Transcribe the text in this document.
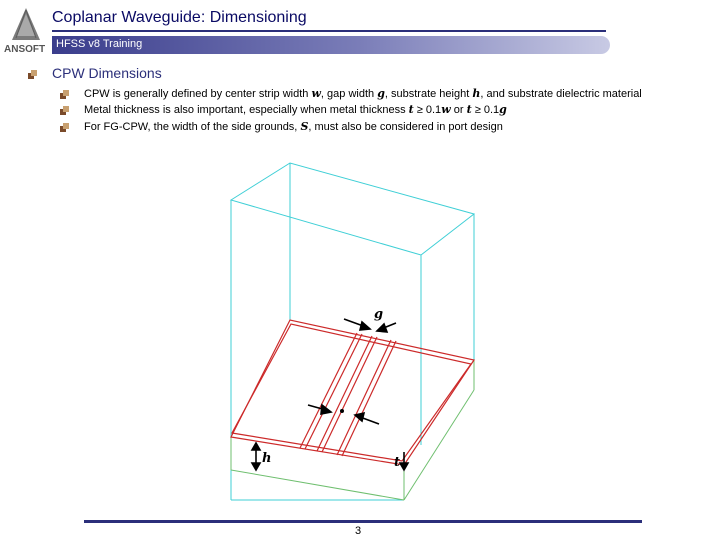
ANSOFT
Coplanar Waveguide: Dimensioning
HFSS v8 Training
CPW Dimensions
CPW is generally defined by center strip width w, gap width g, substrate height h, and substrate dielectric material
Metal thickness is also important, especially when metal thickness t ≥ 0.1w or t ≥ 0.1g
For FG-CPW, the width of the side grounds, S, must also be considered in port design
g
h	t
w
3
